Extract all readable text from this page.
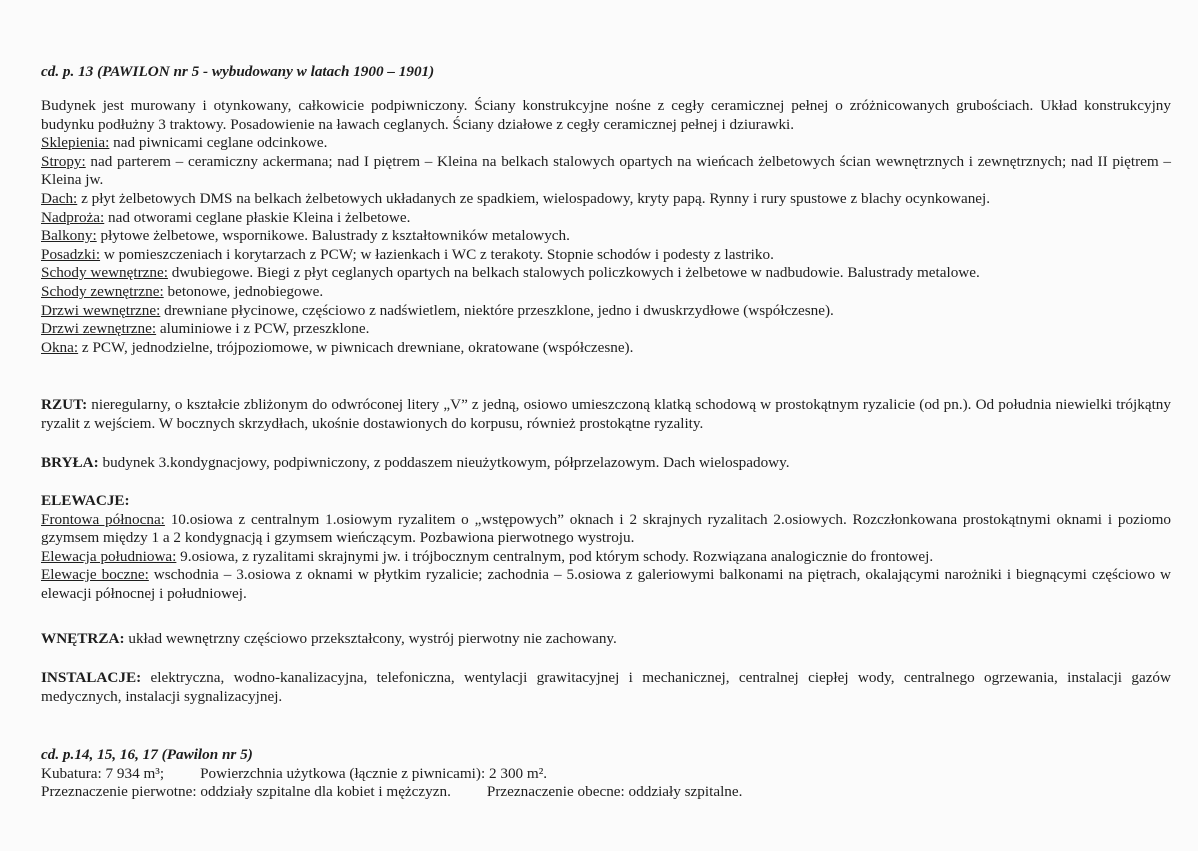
cd. p. 13 (PAWILON nr 5 - wybudowany w latach 1900 – 1901)

Budynek jest murowany i otynkowany, całkowicie podpiwniczony. Ściany konstrukcyjne nośne z cegły ceramicznej pełnej o zróżnicowanych grubościach. Układ konstrukcyjny budynku podłużny 3 traktowy. Posadowienie na ławach ceglanych. Ściany działowe z cegły ceramicznej pełnej i dziurawki.

Sklepienia: nad piwnicami ceglane odcinkowe.

Stropy: nad parterem – ceramiczny ackermana; nad I piętrem – Kleina na belkach stalowych opartych na wieńcach żelbetowych ścian wewnętrznych i zewnętrznych; nad II piętrem – Kleina jw.

Dach: z płyt żelbetowych DMS na belkach żelbetowych układanych ze spadkiem, wielospadowy, kryty papą. Rynny i rury spustowe z blachy ocynkowanej.

Nadproża: nad otworami ceglane płaskie Kleina i żelbetowe.

Balkony: płytowe żelbetowe, wspornikowe. Balustrady z kształtowników metalowych.

Posadzki: w pomieszczeniach i korytarzach z PCW; w łazienkach i WC z terakoty. Stopnie schodów i podesty z lastriko.

Schody wewnętrzne: dwubiegowe. Biegi z płyt ceglanych opartych na belkach stalowych policzkowych i żelbetowe w nadbudowie. Balustrady metalowe.

Schody zewnętrzne: betonowe, jednobiegowe.

Drzwi wewnętrzne: drewniane płycinowe, częściowo z nadświetlem, niektóre przeszklone, jedno i dwuskrzydłowe (współczesne).

Drzwi zewnętrzne: aluminiowe i z PCW, przeszklone.

Okna: z PCW, jednodzielne, trójpoziomowe, w piwnicach drewniane, okratowane (współczesne).

RZUT: nieregularny, o kształcie zbliżonym do odwróconej litery „V” z jedną, osiowo umieszczoną klatką schodową w prostokątnym ryzalicie (od pn.). Od południa niewielki trójkątny ryzalit z wejściem. W bocznych skrzydłach, ukośnie dostawionych do korpusu, również prostokątne ryzality.

BRYŁA: budynek 3.kondygnacjowy, podpiwniczony, z poddaszem nieużytkowym, półprzelazowym. Dach wielospadowy.

ELEWACJE:

Frontowa północna: 10.osiowa z centralnym 1.osiowym ryzalitem o „wstępowych” oknach i 2 skrajnych ryzalitach 2.osiowych. Rozczłonkowana prostokątnymi oknami i poziomo gzymsem między 1 a 2 kondygnacją i gzymsem wieńczącym. Pozbawiona pierwotnego wystroju.

Elewacja południowa: 9.osiowa, z ryzalitami skrajnymi jw. i trójbocznym centralnym, pod którym schody. Rozwiązana analogicznie do frontowej.

Elewacje boczne: wschodnia – 3.osiowa z oknami w płytkim ryzalicie; zachodnia – 5.osiowa z galeriowymi balkonami na piętrach, okalającymi narożniki i biegnącymi częściowo w elewacji północnej i południowej.

WNĘTRZA: układ wewnętrzny częściowo przekształcony, wystrój pierwotny nie zachowany.

INSTALACJE: elektryczna, wodno-kanalizacyjna, telefoniczna, wentylacji grawitacyjnej i mechanicznej, centralnej ciepłej wody, centralnego ogrzewania, instalacji gazów medycznych, instalacji sygnalizacyjnej.

cd. p.14, 15, 16, 17 (Pawilon nr 5)
Kubatura: 7 934 m³; Powierzchnia użytkowa (łącznie z piwnicami): 2 300 m².
Przeznaczenie pierwotne: oddziały szpitalne dla kobiet i mężczyzn. Przeznaczenie obecne: oddziały szpitalne.
